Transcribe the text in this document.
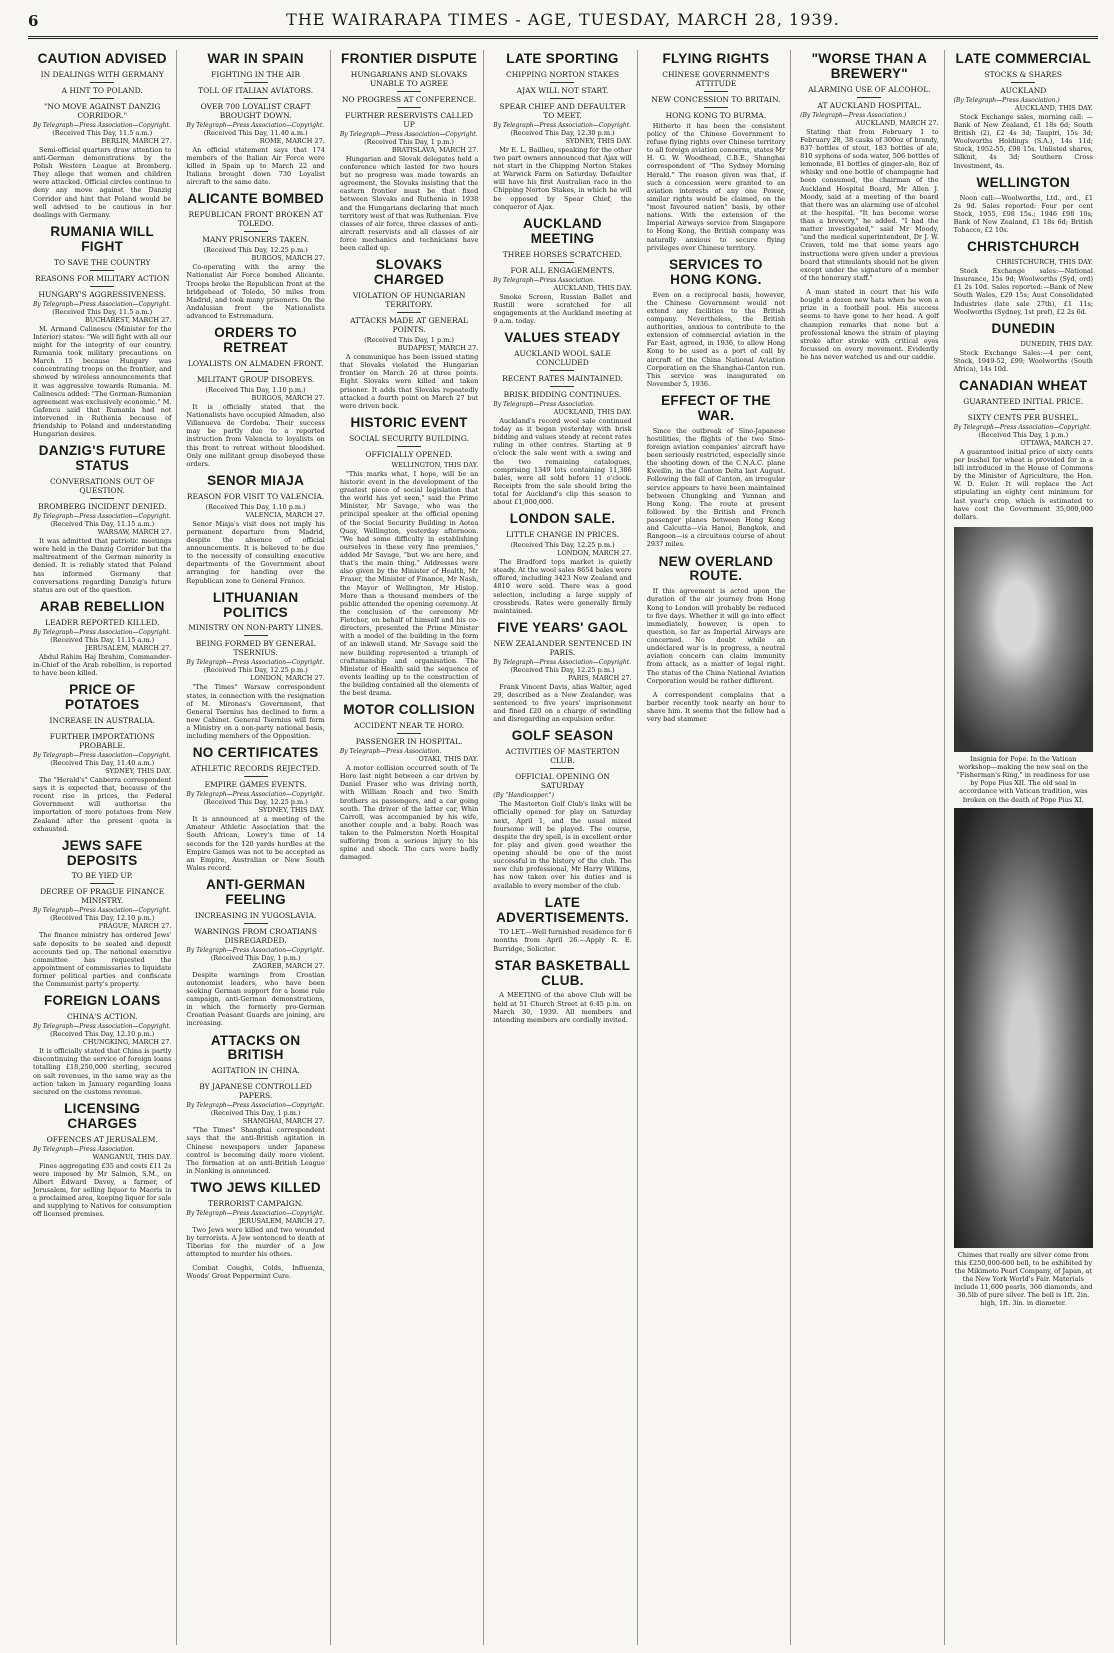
6	THE WAIRARAPA TIMES - AGE, TUESDAY, MARCH 28, 1939.
CAUTION ADVISED
IN DEALINGS WITH GERMANY
A HINT TO POLAND.
"NO MOVE AGAINST DANZIG CORRIDOR."
By Telegraph—Press Association—Copyright.
(Received This Day, 11.5 a.m.)
BERLIN, MARCH 27.

Semi-official quarters draw attention to anti-German demonstrations by the Polish Western League at Bromberg. They allege that women and children were attacked. Official circles continue to deny any move against the Danzig Corridor and hint that Poland would be well advised to be cautious in her dealings with Germany.

RUMANIA WILL FIGHT
TO SAVE THE COUNTRY
REASONS FOR MILITARY ACTION
HUNGARY'S AGGRESSIVENESS.
By Telegraph—Press Association—Copyright.
(Received This Day, 11.5 a.m.)
BUCHAREST, MARCH 27.

M. Armand Calinescu (Minister for the Interior) states: "We will fight with all our might for the integrity of our country. Rumania took military precautions on March 15 because Hungary was concentrating troops on the frontier, and showed by wireless announcements that it was aggressive towards Rumania. M. Calinescu added: "The German-Rumanian agreement was exclusively economic." M. Gafencu said that Rumania had not intervened in Ruthenia because of friendship to Poland and understanding Hungarian desires.

DANZIG'S FUTURE STATUS
CONVERSATIONS OUT OF QUESTION.
BROMBERG INCIDENT DENIED.
By Telegraph—Press Association—Copyright.
(Received This Day, 11.15 a.m.)
WARSAW, MARCH 27.

It was admitted that patriotic meetings were held in the Danzig Corridor but the maltreatment of the German minority is denied. It is reliably stated that Poland has informed Germany that conversations regarding Danzig's future status are out of the question.

ARAB REBELLION
LEADER REPORTED KILLED.
By Telegraph—Press Association—Copyright.
(Received This Day, 11.15 a.m.)
JERUSALEM, MARCH 27.

Abdul Rahim Haj Ibrahim, Commander-in-Chief of the Arab rebellion, is reported to have been killed.

PRICE OF POTATOES
INCREASE IN AUSTRALIA.
FURTHER IMPORTATIONS PROBABLE.
By Telegraph—Press Association—Copyright.
(Received This Day, 11.40 a.m.)
SYDNEY, THIS DAY.

The "Herald's" Canberra correspondent says it is expected that, because of the recent rise in prices, the Federal Government will authorise the importation of more potatoes from New Zealand after the present quota is exhausted.

JEWS SAFE DEPOSITS
TO BE YIED UP.
DECREE OF PRAGUE FINANCE MINISTRY.
By Telegraph—Press Association—Copyright.
(Received This Day, 12.10 p.m.)
PRAGUE, MARCH 27.

The finance ministry has ordered Jews' safe deposits to be sealed and deposit accounts tied up. The national executive committee has requested the appointment of commissaries to liquidate former political parties and confiscate the Communist party's property.

FOREIGN LOANS
CHINA'S ACTION.
By Telegraph—Press Association—Copyright.
(Received This Day, 12.10 p.m.)
CHUNGKING, MARCH 27.

It is officially stated that China is partly discontinuing the service of foreign loans totalling £18,250,000 sterling, secured on salt revenues, in the same way as the action taken in January regarding loans secured on the customs revenue.

LICENSING CHARGES
OFFENCES AT JERUSALEM.
By Telegraph—Press Association.
WANGANUI, THIS DAY.

Fines aggregating £35 and costs £11 2s were imposed by Mr Salmon, S.M., on Albert Edward Davey, a farmer, of Jerusalem, for selling liquor to Maoris in a proclaimed area, keeping liquor for sale and supplying to Natives for consumption off licensed premises.

WAR IN SPAIN
FIGHTING IN THE AIR
TOLL OF ITALIAN AVIATORS.
OVER 700 LOYALIST CRAFT BROUGHT DOWN.
By Telegraph—Press Association—Copyright.
(Received This Day, 11.40 a.m.)
ROME, MARCH 27.

An official statement says that 174 members of the Italian Air Force were killed in Spain up to March 22 and Italians brought down 730 Loyalist aircraft to the same date.

ALICANTE BOMBED
REPUBLICAN FRONT BROKEN AT TOLEDO.
MANY PRISONERS TAKEN.
(Received This Day, 12.25 p.m.)
BURGOS, MARCH 27.

Co-operating with the army the Nationalist Air Force bombed Alicante. Troops broke the Republican front at the bridgehead of Toledo, 50 miles from Madrid, and took many prisoners. On the Andalusian front the Nationalists advanced to Estremadura.

ORDERS TO RETREAT
LOYALISTS ON ALMADEN FRONT.
MILITANT GROUP DISOBEYS.
(Received This Day, 1.10 p.m.)
BURGOS, MARCH 27.

It is officially stated that the Nationalists have occupied Almaden, also Villanueva de Cordoba. Their success may be partly due to a reported instruction from Valencia to loyalists on this front to retreat without bloodshed. Only one militant group disobeyed these orders.

SENOR MIAJA
REASON FOR VISIT TO VALENCIA.
(Received This Day, 1.10 p.m.)
VALENCIA, MARCH 27.

Senor Miaja's visit does not imply his permanent departure from Madrid, despite the absence of official announcements. It is believed to be due to the necessity of consulting executive departments of the Government about arranging for handing over the Republican zone to General Franco.

LITHUANIAN POLITICS
MINISTRY ON NON-PARTY LINES.
BEING FORMED BY GENERAL TSERNIUS.
By Telegraph—Press Association—Copyright.
(Received This Day, 12.25 p.m.)
LONDON, MARCH 27.

"The Times" Warsaw correspondent states, in connection with the resignation of M. Mironas's Government, that General Tsernius has declined to form a new Cabinet. General Tsernius will form a Ministry on a non-party national basis, including members of the Opposition.

NO CERTIFICATES
ATHLETIC RECORDS REJECTED.
EMPIRE GAMES EVENTS.
By Telegraph—Press Association—Copyright.
(Received This Day, 12.25 p.m.)
SYDNEY, THIS DAY.

It is announced at a meeting of the Amateur Athletic Association that the South African, Lowry's time of 14 seconds for the 120 yards hurdles at the Empire Games was not to be accepted as an Empire, Australian or New South Wales record.

ANTI-GERMAN FEELING
INCREASING IN YUGOSLAVIA.
WARNINGS FROM CROATIANS DISREGARDED.
By Telegraph—Press Association—Copyright.
(Received This Day, 1 p.m.)
ZAGREB, MARCH 27.

Despite warnings from Croatian autonomist leaders, who have been seeking German support for a home rule campaign, anti-German demonstrations, in which the formerly pro-German Croatian Peasant Guards are joining, are increasing.

ATTACKS ON BRITISH
AGITATION IN CHINA.
BY JAPANESE CONTROLLED PAPERS.
By Telegraph—Press Association—Copyright.
(Received This Day, 1 p.m.)
SHANGHAI, MARCH 27.

"The Times" Shanghai correspondent says that the anti-British agitation in Chinese newspapers under Japanese control is becoming daily more violent. The formation at an anti-British League in Nanking is announced.

TWO JEWS KILLED
TERRORIST CAMPAIGN.
By Telegraph—Press Association—Copyright.
JERUSALEM, MARCH 27.

Two Jews were killed and two wounded by terrorists. A Jew sentenced to death at Tiberias for the murder of a Jew attempted to murder his others.

Combat Coughs, Colds, Influenza, Woods' Great Peppermint Cure.

FRONTIER DISPUTE
HUNGARIANS AND SLOVAKS UNABLE TO AGREE
NO PROGRESS AT CONFERENCE.
FURTHER RESERVISTS CALLED UP
By Telegraph—Press Association—Copyright.
(Received This Day, 1 p.m.)
BRATISLAVA, MARCH 27.

Hungarian and Slovak delegates held a conference which lasted for two hours but no progress was made towards an agreement, the Slovaks insisting that the eastern frontier must be that fixed between Slovaks and Ruthenia in 1938 and the Hungarians declaring that much territory west of that was Ruthenian. Five classes of air force, three classes of anti-aircraft reservists and all classes of air force mechanics and technicians have been called up.

SLOVAKS CHARGED
VIOLATION OF HUNGARIAN TERRITORY.
ATTACKS MADE AT GENERAL POINTS.
(Received This Day, 1 p.m.)
BUDAPEST, MARCH 27.

A communique has been issued stating that Slovaks violated the Hungarian frontier on March 26 at three points. Eight Slovaks were killed and taken prisoner. It adds that Slovaks repeatedly attacked a fourth point on March 27 but were driven back.

HISTORIC EVENT
SOCIAL SECURITY BUILDING.
OFFICIALLY OPENED.
WELLINGTON, THIS DAY.

"This marks what, I hope, will be an historic event in the development of the greatest piece of social legislation that the world has yet seen," said the Prime Minister, Mr Savage, who was the principal speaker at the official opening of the Social Security Building in Aotea Quay, Wellington, yesterday afternoon. "We had some difficulty in establishing ourselves in these very fine premises," added Mr Savage, "but we are here, and that's the main thing." Addresses were also given by the Minister of Health, Mr Fraser, the Minister of Finance, Mr Nash, the Mayor of Wellington, Mr Hislop. More than a thousand members of the public attended the opening ceremony. At the conclusion of the ceremony Mr Fletcher, on behalf of himself and his co-directors, presented the Prime Minister with a model of the building in the form of an inkwell stand. Mr Savage said the new building represented a triumph of craftsmanship and organisation. The Minister of Health said the sequence of events leading up to the construction of the building contained all the elements of the best drama.

MOTOR COLLISION
ACCIDENT NEAR TE HORO.
PASSENGER IN HOSPITAL.
By Telegraph—Press Association.
OTAKI, THIS DAY.

A motor collision occurred south of Te Horo last night between a car driven by Daniel Fraser who was driving north, with William Roach and two Smith brothers as passengers, and a car going south. The driver of the latter car, Whin Carroll, was accompanied by his wife, another couple and a baby. Roach was taken to the Palmerston North Hospital suffering from a serious injury to his spine and shock. The cars were badly damaged.

LATE SPORTING
CHIPPING NORTON STAKES
AJAX WILL NOT START.
SPEAR CHIEF AND DEFAULTER TO MEET.
By Telegraph—Press Association—Copyright.
(Received This Day, 12.30 p.m.)
SYDNEY, THIS DAY.

Mr E. L. Baillieu, speaking for the other two part owners announced that Ajax will not start in the Chipping Norton Stakes at Warwick Farm on Saturday. Defaulter will have his first Australian race in the Chipping Norton Stakes, in which he will be opposed by Spear Chief, the conqueror of Ajax.

AUCKLAND MEETING
THREE HORSES SCRATCHED.
FOR ALL ENGAGEMENTS.
By Telegraph—Press Association.
AUCKLAND, THIS DAY.

Smoke Screen, Russian Ballet and Rustill were scratched for all engagements at the Auckland meeting at 9 a.m. today.

VALUES STEADY
AUCKLAND WOOL SALE CONCLUDED
RECENT RATES MAINTAINED.
BRISK BIDDING CONTINUES.
By Telegraph—Press Association.
AUCKLAND, THIS DAY.

Auckland's record wool sale continued today as it began yesterday with brisk bidding and values steady at recent rates ruling in other centres. Starting at 9 o'clock the sale went with a swing and the two remaining catalogues, comprising 1349 lots containing 11,386 bales, were all sold before 11 o'clock. Receipts from the sale should bring the total for Auckland's clip this season to about £1,000,000.

LONDON SALE.
LITTLE CHANGE IN PRICES.
(Received This Day, 12.25 p.m.)
LONDON, MARCH 27.

The Bradford tops market is quietly steady. At the wool sales 8654 bales were offered, including 3423 New Zealand and 4810 were sold. There was a good selection, including a large supply of crossbreds. Rates were generally firmly maintained.

FIVE YEARS' GAOL
NEW ZEALANDER SENTENCED IN PARIS.
By Telegraph—Press Association—Copyright.
(Received This Day, 12.25 p.m.)
PARIS, MARCH 27.

Frank Vincent Davis, alias Walter, aged 29, described as a New Zealander, was sentenced to five years' imprisonment and fined £20 on a charge of swindling and disregarding an expulsion order.

GOLF SEASON
ACTIVITIES OF MASTERTON CLUB.
OFFICIAL OPENING ON SATURDAY
(By "Handicapper.")

The Masterton Golf Club's links will be officially opened for play on Saturday next, April 1, and the usual mixed foursome will be played. The course, despite the dry spell, is in excellent order for play and given good weather the opening should be one of the most successful in the history of the club. The new club professional, Mr Harry Wilkins, has now taken over his duties and is available to every member of the club.

LATE ADVERTISEMENTS.

TO LET.—Well furnished residence for 6 months from April 26.—Apply R. E. Burridge, Solicitor.

STAR BASKETBALL CLUB.

A MEETING of the above Club will be held at 51 Church Street at 6.45 p.m. on March 30, 1939. All members and intending members are cordially invited.

FLYING RIGHTS
CHINESE GOVERNMENT'S ATTITUDE
NEW CONCESSION TO BRITAIN.
HONG KONG TO BURMA.

Hitherto it has been the consistent policy of the Chinese Government to refuse flying rights over Chinese territory to all foreign aviation concerns, states Mr H. G. W. Woodhead, C.B.E., Shanghai correspondent of "The Sydney Morning Herald." The reason given was that, if such a concession were granted to an aviation interests of any one Power, similar rights would be claimed, on the "most favoured nation" basis, by other nations. With the extension of the Imperial Airways service from Singapore to Hong Kong, the British company was naturally anxious to secure flying privileges over Chinese territory.

SERVICES TO HONG KONG.

Even on a reciprocal basis, however, the Chinese Government would not extend any facilities to the British company. Nevertheless, the British authorities, anxious to contribute to the extension of commercial aviation in the Far East, agreed, in 1936, to allow Hong Kong to be used as a port of call by aircraft of the China National Aviation Corporation on the Shanghai-Canton run. This service was inaugurated on November 5, 1936.

EFFECT OF THE WAR.

Since the outbreak of Sino-Japanese hostilities, the flights of the two Sino-foreign aviation companies' aircraft have been seriously restricted, especially since the shooting down of the C.N.A.C. plane Kweilin, in the Canton Delta last August. Following the fall of Canton, an irregular service appears to have been maintained between Chungking and Yunnan and Hong Kong. The route at present followed by the British and French passenger planes between Hong Kong and Calcutta—via Hanoi, Bangkok, and Rangoon—is a circuitous course of about 2937 miles.

NEW OVERLAND ROUTE.

If this agreement is acted upon the duration of the air journey from Hong Kong to London will probably be reduced to five days. Whether it will go into effect immediately, however, is open to question, so far as Imperial Airways are concerned. No doubt while an undeclared war is in progress, a neutral aviation concern can claim immunity from attack, as a matter of legal right. The status of the China National Aviation Corporation would be rather different.

A correspondent complains that a barber recently took nearly an hour to shave him. It seems that the fellow had a very bad stammer.

"WORSE THAN A BREWERY"
ALARMING USE OF ALCOHOL.
AT AUCKLAND HOSPITAL.
(By Telegraph—Press Association.)
AUCKLAND, MARCH 27.

Stating that from February 1 to February 28, 38 casks of 300oz of brandy, 837 bottles of stout, 183 bottles of ale, 810 syphons of soda water, 506 bottles of lemonade, 81 bottles of ginger-ale, 8oz of whisky and one bottle of champagne had been consumed, the chairman of the Auckland Hospital Board, Mr Allen J. Moody, said at a meeting of the board that there was an alarming use of alcohol at the hospital. "It has become worse than a brewery," he added. "I had the matter investigated," said Mr Moody, "and the medical superintendent, Dr J. W. Craven, told me that some years ago instructions were given under a previous board that stimulants should not be given except under the signature of a member of the honorary staff."

A man stated in court that his wife bought a dozen new hats when he won a prize in a football pool. His success seems to have gone to her head. A golf champion remarks that none but a professional knows the strain of playing stroke after stroke with critical eyes focussed on every movement. Evidently he has never watched us and our caddie.

LATE COMMERCIAL
STOCKS & SHARES
AUCKLAND
(By Telegraph—Press Association.)
AUCKLAND, THIS DAY.

Stock Exchange sales, morning call: —Bank of New Zealand, £1 18s 6d; South British (2), £2 4s 3d; Taupiri, 15s 3d; Woolworths Holdings (S.A.), 14s 11d; Stock, 1952-55, £98 15s. Unlisted shares, Silknit, 4s 3d; Southern Cross Investment, 4s.

WELLINGTON

Noon call:—Woolworths, Ltd., ord., £1 2s 9d. Sales reported: Four per cent Stock, 1955, £98 15s.; 1946 £98 10s; Bank of New Zealand, £1 18s 6d; British Tobacco, £2 10s.

CHRISTCHURCH
CHRISTCHURCH, THIS DAY.

Stock Exchange sales:—National Insurance, 15s 9d; Woolworths (Syd, ord) £1 2s 10d. Sales reported:—Bank of New South Wales, £29 15s; Aust Consolidated Industries (late sale 27th), £1 11s; Woolworths (Sydney, 1st pref), £2 2s 6d.

DUNEDIN
DUNEDIN, THIS DAY.

Stock Exchange Sales:—4 per cent, Stock, 1949-52, £99; Woolworths (South Africa), 14s 10d.

CANADIAN WHEAT
GUARANTEED INITIAL PRICE.
SIXTY CENTS PER BUSHEL.
By Telegraph—Press Association—Copyright.
(Received This Day, 1 p.m.)
OTTAWA, MARCH 27.

A guaranteed initial price of sixty cents per bushel for wheat is provided for in a bill introduced in the House of Commons by the Minister of Agriculture, the Hon. W. D. Euler. It will replace the Act stipulating an eighty cent minimum for last year's crop, which is estimated to have cost the Government 35,000,000 dollars.

Insignia for Pope. In the Vatican workshop—making the new seal on the "Fisherman's Ring," in readiness for use by Pope Pius XII. The old seal in accordance with Vatican tradition, was broken on the death of Pope Pius XI.
Chimes that really are silver come from this £250,000-600 bell, to be exhibited by the Mikimoto Pearl Company, of Japan, at the New York World's Fair. Materials include 11,600 pearls, 366 diamonds, and 36.5lb of pure silver. The bell is 1ft. 2in. high, 1ft. 3in. in diameter.
